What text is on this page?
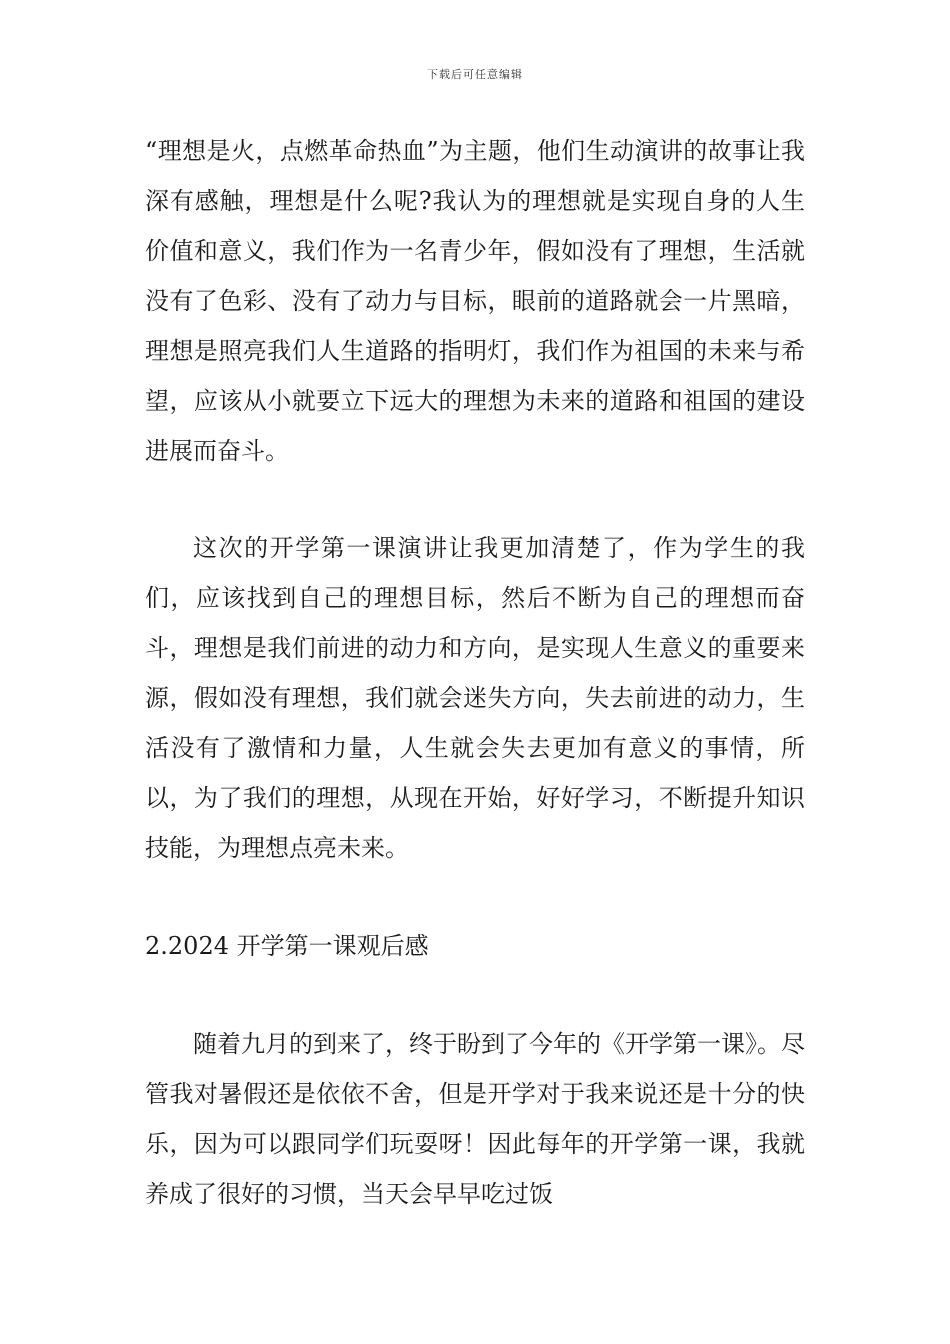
下载后可任意编辑

“理想是火，点燃革命热血”为主题，他们生动演讲的故事让我深有感触，理想是什么呢?我认为的理想就是实现自身的人生价值和意义，我们作为一名青少年，假如没有了理想，生活就没有了色彩、没有了动力与目标，眼前的道路就会一片黑暗，理想是照亮我们人生道路的指明灯，我们作为祖国的未来与希望，应该从小就要立下远大的理想为未来的道路和祖国的建设进展而奋斗。

这次的开学第一课演讲让我更加清楚了，作为学生的我们，应该找到自己的理想目标，然后不断为自己的理想而奋斗，理想是我们前进的动力和方向，是实现人生意义的重要来源，假如没有理想，我们就会迷失方向，失去前进的动力，生活没有了激情和力量，人生就会失去更加有意义的事情，所以，为了我们的理想，从现在开始，好好学习，不断提升知识技能，为理想点亮未来。

2.2024 开学第一课观后感

随着九月的到来了，终于盼到了今年的《开学第一课》。尽管我对暑假还是依依不舍，但是开学对于我来说还是十分的快乐，因为可以跟同学们玩耍呀！因此每年的开学第一课，我就养成了很好的习惯，当天会早早吃过饭
